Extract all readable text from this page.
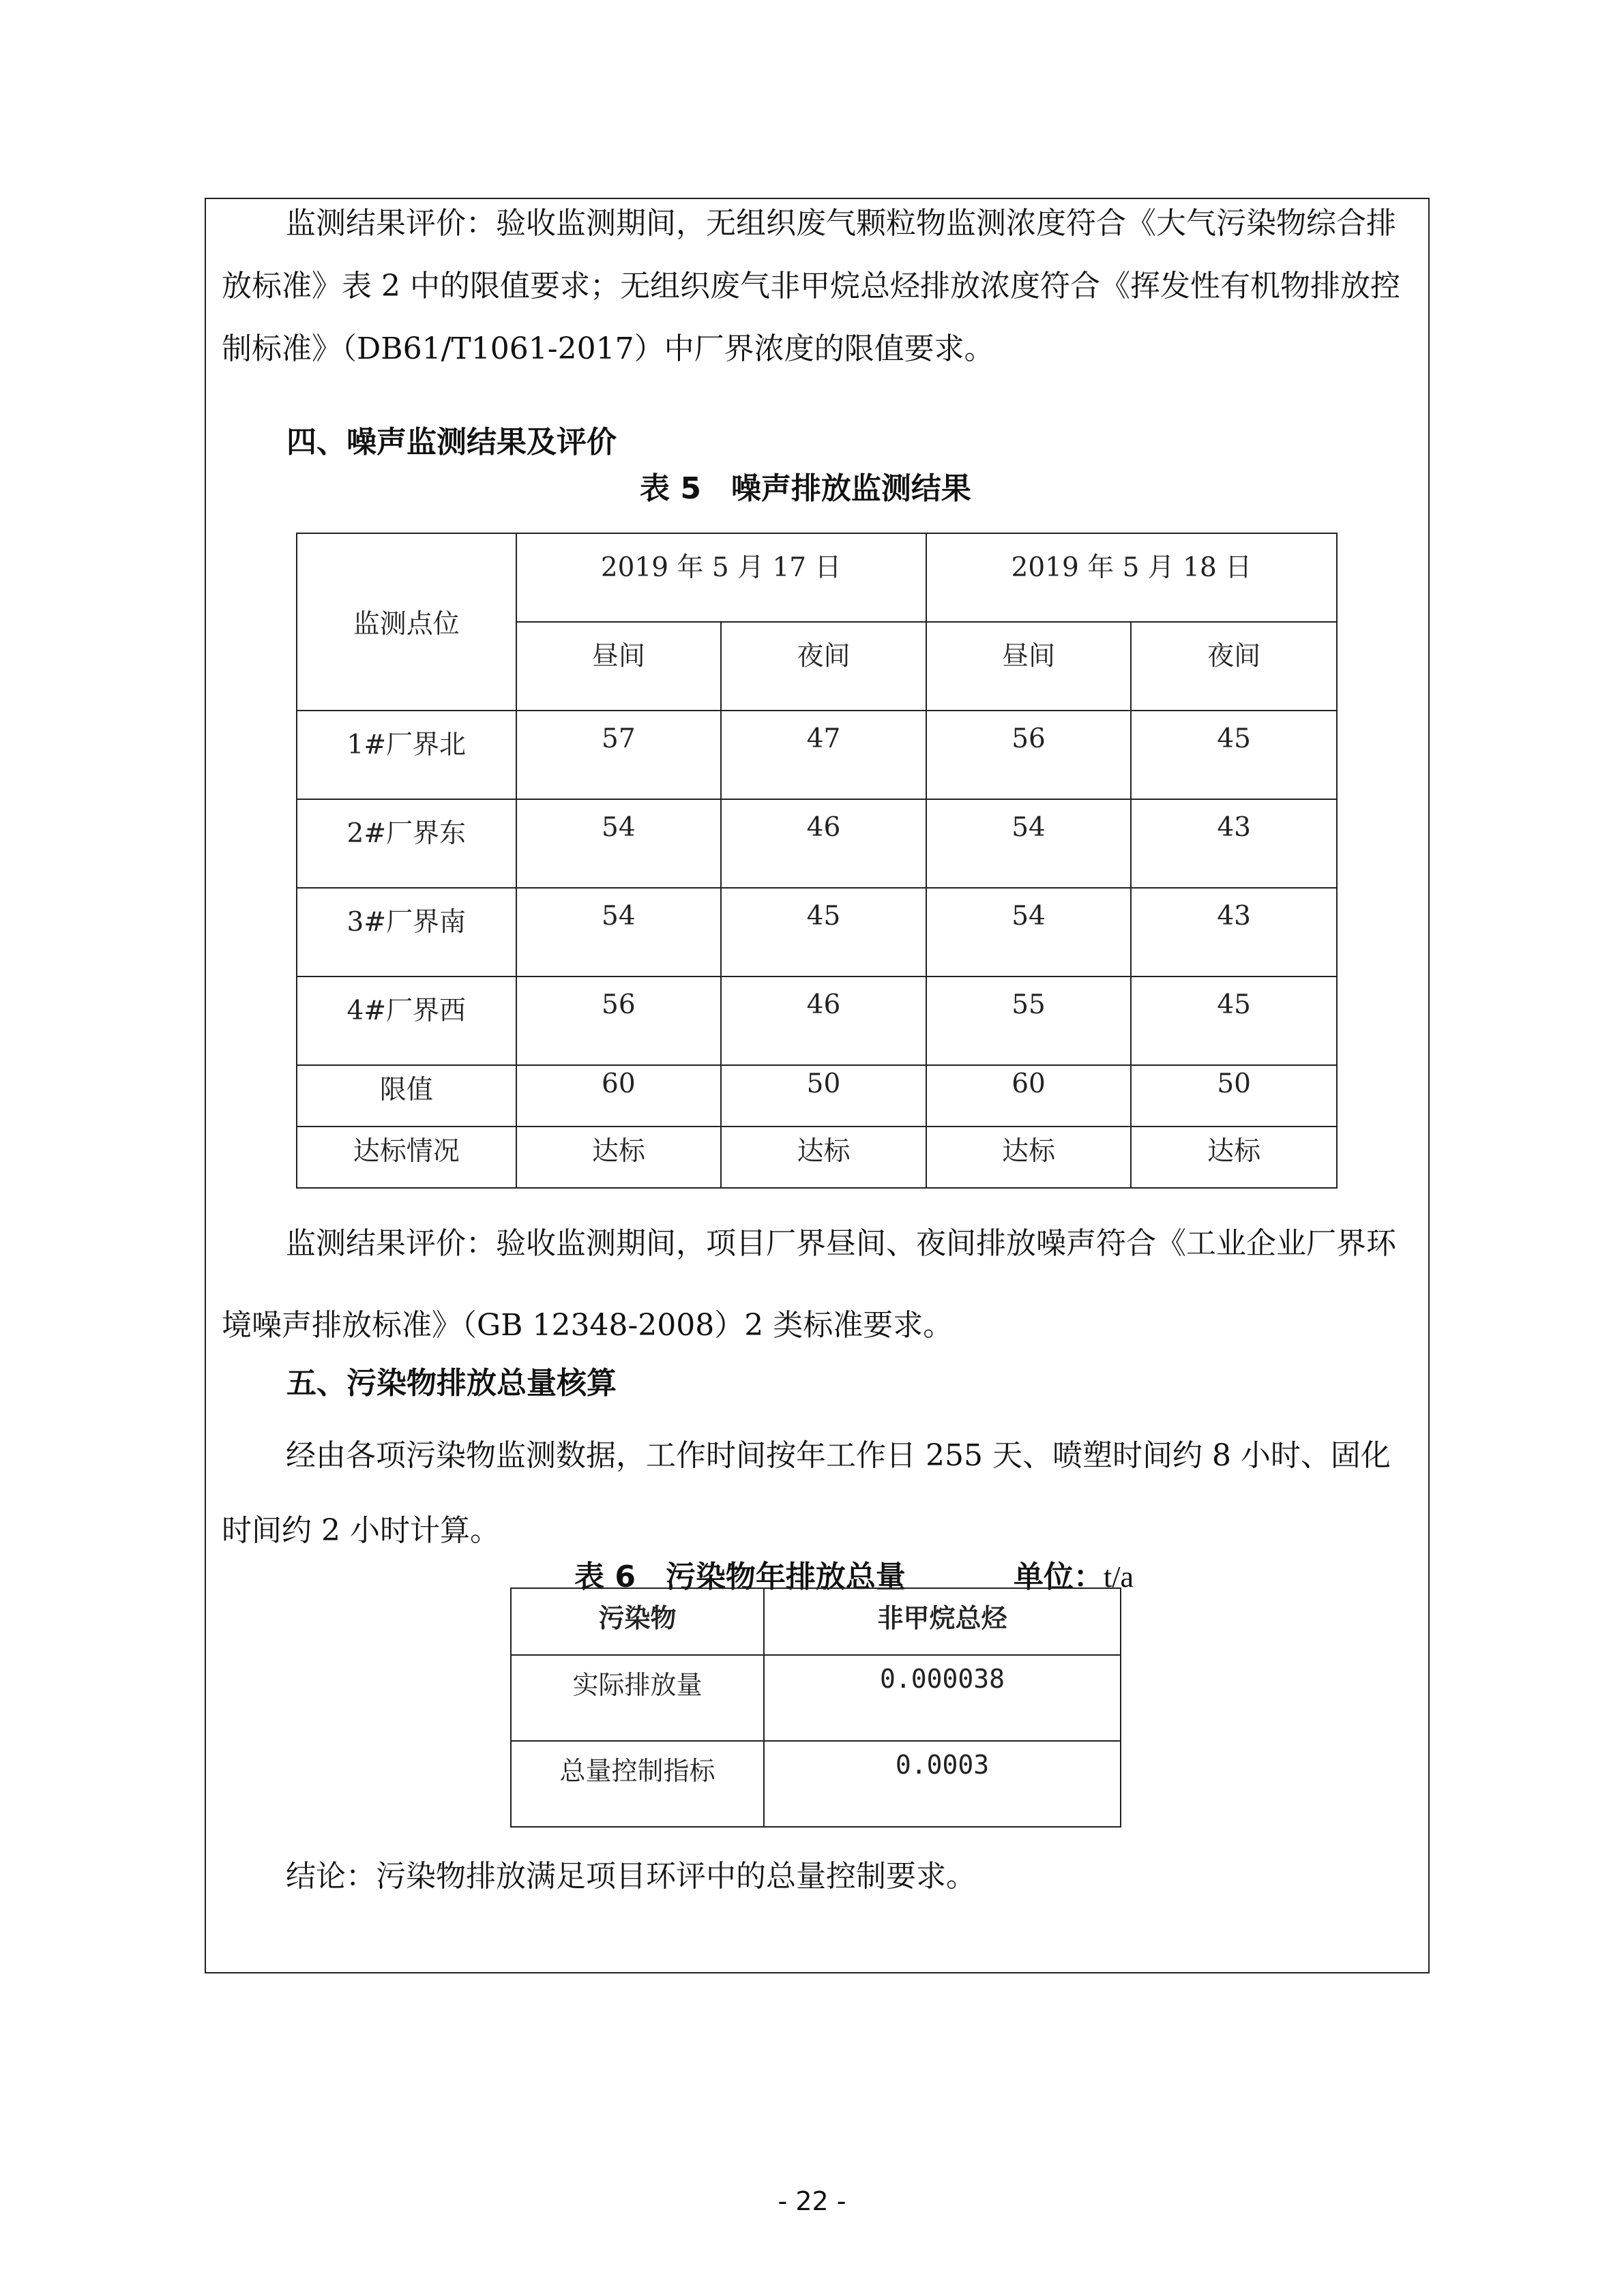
监测结果评价：验收监测期间，无组织废气颗粒物监测浓度符合《大气污染物综合排放标准》表 2 中的限值要求；无组织废气非甲烷总烃排放浓度符合《挥发性有机物排放控制标准》（DB61/T1061-2017）中厂界浓度的限值要求。

四、噪声监测结果及评价

表 5　噪声排放监测结果

监测点位	2019 年 5 月 17 日		2019 年 5 月 18 日	
	昼间	夜间	昼间	夜间
1#厂界北	57	47	56	45
2#厂界东	54	46	54	43
3#厂界南	54	45	54	43
4#厂界西	56	46	55	45
限值	60	50	60	50
达标情况	达标	达标	达标	达标

监测结果评价：验收监测期间，项目厂界昼间、夜间排放噪声符合《工业企业厂界环境噪声排放标准》（GB 12348-2008）2 类标准要求。

五、污染物排放总量核算

经由各项污染物监测数据，工作时间按年工作日 255 天、喷塑时间约 8 小时、固化时间约 2 小时计算。

表 6　污染物年排放总量	单位：t/a

污染物	非甲烷总烃
实际排放量	0.000038
总量控制指标	0.0003

结论：污染物排放满足项目环评中的总量控制要求。

- 22 -
